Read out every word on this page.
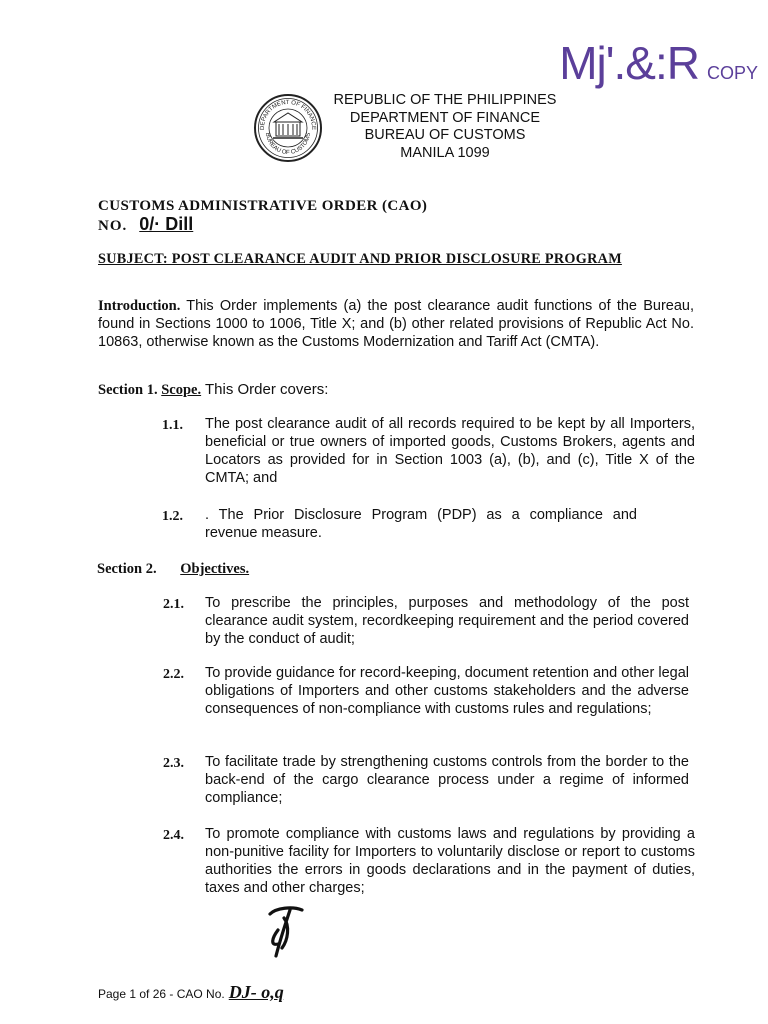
Mj'.&:R COPY
DEPARTMENT OF FINANCE
BUREAU OF CUSTOMS
REPUBLIC OF THE PHILIPPINES
DEPARTMENT OF FINANCE
BUREAU OF CUSTOMS
MANILA 1099
CUSTOMS ADMINISTRATIVE ORDER (CAO)
NO. 0/· Dill
SUBJECT: POST CLEARANCE AUDIT AND PRIOR DISCLOSURE PROGRAM
Introduction. This Order implements (a) the post clearance audit functions of the Bureau, found in Sections 1000 to 1006, Title X; and (b) other related provisions of Republic Act No. 10863, otherwise known as the Customs Modernization and Tariff Act (CMTA).
Section 1. Scope. This Order covers:
1.1. The post clearance audit of all records required to be kept by all Importers, beneficial or true owners of imported goods, Customs Brokers, agents and Locators as provided for in Section 1003 (a), (b), and (c), Title X of the CMTA; and
1.2. . The Prior Disclosure Program (PDP) as a compliance and revenue measure.
Section 2. Objectives.
2.1. To prescribe the principles, purposes and methodology of the post clearance audit system, recordkeeping requirement and the period covered by the conduct of audit;
2.2. To provide guidance for record-keeping, document retention and other legal obligations of Importers and other customs stakeholders and the adverse consequences of non-compliance with customs rules and regulations;
2.3. To facilitate trade by strengthening customs controls from the border to the back-end of the cargo clearance process under a regime of informed compliance;
2.4. To promote compliance with customs laws and regulations by providing a non-punitive facility for Importers to voluntarily disclose or report to customs authorities the errors in goods declarations and in the payment of duties, taxes and other charges;
Page 1 of 26 - CAO No. DJ- o,q
